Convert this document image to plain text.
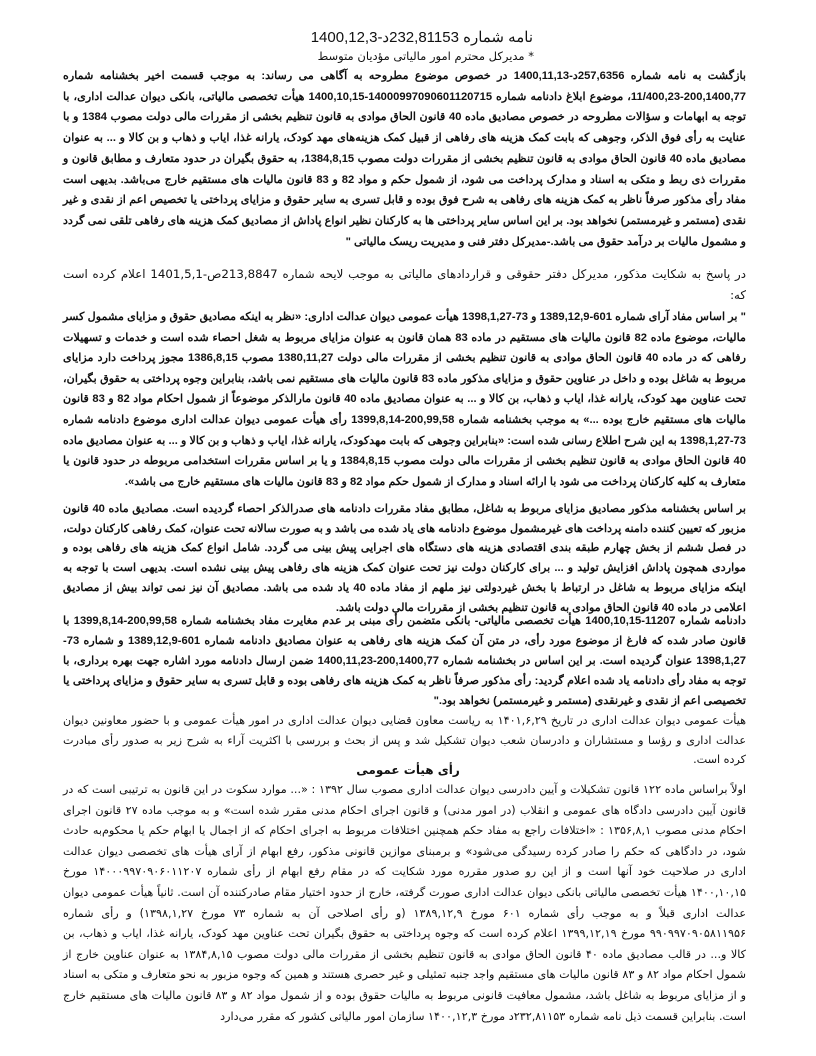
نامه شماره 232,81153د-1400,12,3
* مدیرکل محترم امور مالیاتی مؤدیان متوسط
بازگشت به نامه شماره 257,6356د-1400,11,13 در خصوص موضوع مطروحه به آگاهی می رساند: به موجب قسمت اخیر بخشنامه شماره 200,1400,77-11/400,23، موضوع ابلاغ دادنامه شماره 14000997090601120715-1400,10,15 هیأت تخصصی مالیاتی، بانکی دیوان عدالت اداری، با توجه به ابهامات و سؤالات مطروحه در خصوص مصادیق ماده 40 قانون الحاق موادی به قانون تنظیم بخشی از مقررات مالی دولت مصوب 1384 و با عنایت به رأی فوق الذکر، وجوهی که بابت کمک هزینه های رفاهی از قبیل کمک هزینه‌های مهد کودک، یارانه غذا، ایاب و ذهاب و بن کالا و ... به عنوان مصادیق ماده 40 قانون الحاق موادی به قانون تنظیم بخشی از مقررات دولت مصوب 1384,8,15، به حقوق بگیران در حدود متعارف و مطابق قانون و مقررات ذی ربط و متکی به اسناد و مدارک پرداخت می شود، از شمول حکم و مواد 82 و 83 قانون مالیات های مستقیم خارج می‌باشد. بدیهی است مفاد رأی مذکور صرفاً ناظر به کمک هزینه های رفاهی به شرح فوق بوده و قابل تسری به سایر حقوق و مزایای پرداختی یا تخصیص اعم از نقدی و غیر نقدی (مستمر و غیرمستمر) نخواهد بود. بر این اساس سایر پرداختی ها به کارکنان نظیر انواع پاداش از مصادیق کمک هزینه های رفاهی تلقی نمی گردد و مشمول مالیات بر درآمد حقوق می باشد.-مدیرکل دفتر فنی و مدیریت ریسک مالیاتی "
در پاسخ به شکایت مذکور، مدیرکل دفتر حقوقی و قراردادهای مالیاتی به موجب لایحه شماره 213,8847ص-1401,5,1 اعلام کرده است که:
" بر اساس مفاد آرای شماره 601-1389,12,9 و 73-1398,1,27 هیأت عمومی دیوان عدالت اداری: «نظر به اینکه مصادیق حقوق و مزایای مشمول کسر مالیات، موضوع ماده 82 قانون مالیات های مستقیم در ماده 83 همان قانون به عنوان مزایای مربوط به شغل احصاء شده است و خدمات و تسهیلات رفاهی که در ماده 40 قانون الحاق موادی به قانون تنظیم بخشی از مقررات مالی دولت 1380,11,27 مصوب 1386,8,15 مجوز پرداخت دارد مزایای مربوط به شاغل بوده و داخل در عناوین حقوق و مزایای مذکور ماده 83 قانون مالیات های مستقیم نمی باشد، بنابراین وجوه پرداختی به حقوق بگیران، تحت عناوین مهد کودک، یارانه غذا، ایاب و ذهاب، بن کالا و ... به عنوان مصادیق ماده 40 قانون مارالذکر موضوعاً از شمول احکام مواد 82 و 83 قانون مالیات های مستقیم خارج بوده ...» به موجب بخشنامه شماره 200,99,58-1399,8,14 رأی هیأت عمومی دیوان عدالت اداری موضوع دادنامه شماره 73-1398,1,27 به این شرح اطلاع رسانی شده است: «بنابراین وجوهی که بابت مهدکودک، یارانه غذا، ایاب و ذهاب و بن کالا و ... به عنوان مصادیق ماده 40 قانون الحاق موادی به قانون تنظیم بخشی از مقررات مالی دولت مصوب 1384,8,15 و یا بر اساس مقررات استخدامی مربوطه در حدود قانون یا متعارف به کلیه کارکنان پرداخت می شود با ارائه اسناد و مدارک از شمول حکم مواد 82 و 83 قانون مالیات های مستقیم خارج می باشد».
بر اساس بخشنامه مذکور مصادیق مزایای مربوط به شاغل، مطابق مفاد مقررات دادنامه های صدرالذکر احصاء گردیده است. مصادیق ماده 40 قانون مزبور که تعیین کننده دامنه پرداخت های غیرمشمول موضوع دادنامه های یاد شده می باشد و به صورت سالانه تحت عنوان، کمک رفاهی کارکنان دولت، در فصل ششم از بخش چهارم طبقه بندی اقتصادی هزینه های دستگاه های اجرایی پیش بینی می گردد. شامل انواع کمک هزینه های رفاهی بوده و مواردی همچون پاداش افزایش تولید و ... برای کارکنان دولت نیز تحت عنوان کمک هزینه های رفاهی پیش بینی نشده است. بدیهی است با توجه به اینکه مزایای مربوط به شاغل در ارتباط با بخش غیردولتی نیز ملهم از مفاد ماده 40 یاد شده می باشد. مصادیق آن نیز نمی تواند بیش از مصادیق اعلامی در ماده 40 قانون الحاق موادی به قانون تنظیم بخشی از مقررات مالی دولت باشد.
دادنامه شماره 11207-1400,10,15 هیأت تخصصی مالیاتی- بانکی متضمن رأی مبنی بر عدم مغایرت مفاد بخشنامه شماره 200,99,58-1399,8,14 با قانون صادر شده که فارغ از موضوع مورد رأی، در متن آن کمک هزینه های رفاهی به عنوان مصادیق دادنامه شماره 601-1389,12,9 و شماره 73-1398,1,27 عنوان گردیده است. بر این اساس در بخشنامه شماره 200,1400,77-1400,11,23 ضمن ارسال دادنامه مورد اشاره جهت بهره برداری، با توجه به مفاد رأی دادنامه یاد شده اعلام گردید: رأی مذکور صرفاً ناظر به کمک هزینه های رفاهی بوده و قابل تسری به سایر حقوق و مزایای پرداختی یا تخصیصی اعم از نقدی و غیرنقدی (مستمر و غیرمستمر) نخواهد بود."
هیأت عمومی دیوان عدالت اداری در تاریخ ۱۴۰۱,۶,۲۹ به ریاست معاون قضایی دیوان عدالت اداری در امور هیأت عمومی و با حضور معاونین دیوان عدالت اداری و رؤسا و مستشاران و دادرسان شعب دیوان تشکیل شد و پس از بحث و بررسی با اکثریت آراء به شرح زیر به صدور رأی مبادرت کرده است.
رأی هیأت عمومی
اولاً براساس ماده ۱۲۲ قانون تشکیلات و آیین دادرسی دیوان عدالت اداری مصوب سال ۱۳۹۲ : «... موارد سکوت در این قانون به ترتیبی است که در قانون آیین دادرسی دادگاه های عمومی و انقلاب (در امور مدنی) و قانون اجرای احکام مدنی مقرر شده است» و به موجب ماده ۲۷ قانون اجرای احکام مدنی مصوب ۱۳۵۶,۸,۱ : «اختلافات راجع به مفاد حکم همچنین اختلافات مربوط به اجرای احکام که از اجمال یا ابهام حکم یا محکوم‌به حادث شود، در دادگاهی که حکم را صادر کرده رسیدگی می‌شود» و برمبنای موازین قانونی مذکور، رفع ابهام از آرای هیأت های تخصصی دیوان عدالت اداری در صلاحیت خود آنها است و از این رو صدور مقرره مورد شکایت که در مقام رفع ابهام از رأی شماره ۱۴۰۰۰۹۹۷۰۹۰۶۰۱۱۲۰۷ مورخ ۱۴۰۰,۱۰,۱۵ هیأت تخصصی مالیاتی بانکی دیوان عدالت اداری صورت گرفته، خارج از حدود اختیار مقام صادرکننده آن است. ثانیاً هیأت عمومی دیوان عدالت اداری قبلاً و به موجب رأی شماره ۶۰۱ مورخ ۱۳۸۹,۱۲,۹ (و رأی اصلاحی آن به شماره ۷۳ مورخ ۱۳۹۸,۱,۲۷) و رأی شماره ۹۹۰۹۹۷۰۹۰۵۸۱۱۹۵۶ مورخ ۱۳۹۹,۱۲,۱۹ اعلام کرده است که وجوه پرداختی به حقوق بگیران تحت عناوین مهد کودک، یارانه غذا، ایاب و ذهاب، بن کالا و... در قالب مصادیق ماده ۴۰ قانون الحاق موادی به قانون تنظیم بخشی از مقررات مالی دولت مصوب ۱۳۸۴,۸,۱۵ به عنوان عناوین خارج از شمول احکام مواد ۸۲ و ۸۳ قانون مالیات های مستقیم واجد جنبه تمثیلی و غیر حصری هستند و همین که وجوه مزبور به نحو متعارف و متکی به اسناد و از مزایای مربوط به شاغل باشد، مشمول معافیت قانونی مربوط به مالیات حقوق بوده و از شمول مواد ۸۲ و ۸۳ قانون مالیات های مستقیم خارج است. بنابراین قسمت ذیل نامه شماره ۲۳۲,۸۱۱۵۳د مورخ ۱۴۰۰,۱۲,۳ سازمان امور مالیاتی کشور که مقرر می‌دارد
